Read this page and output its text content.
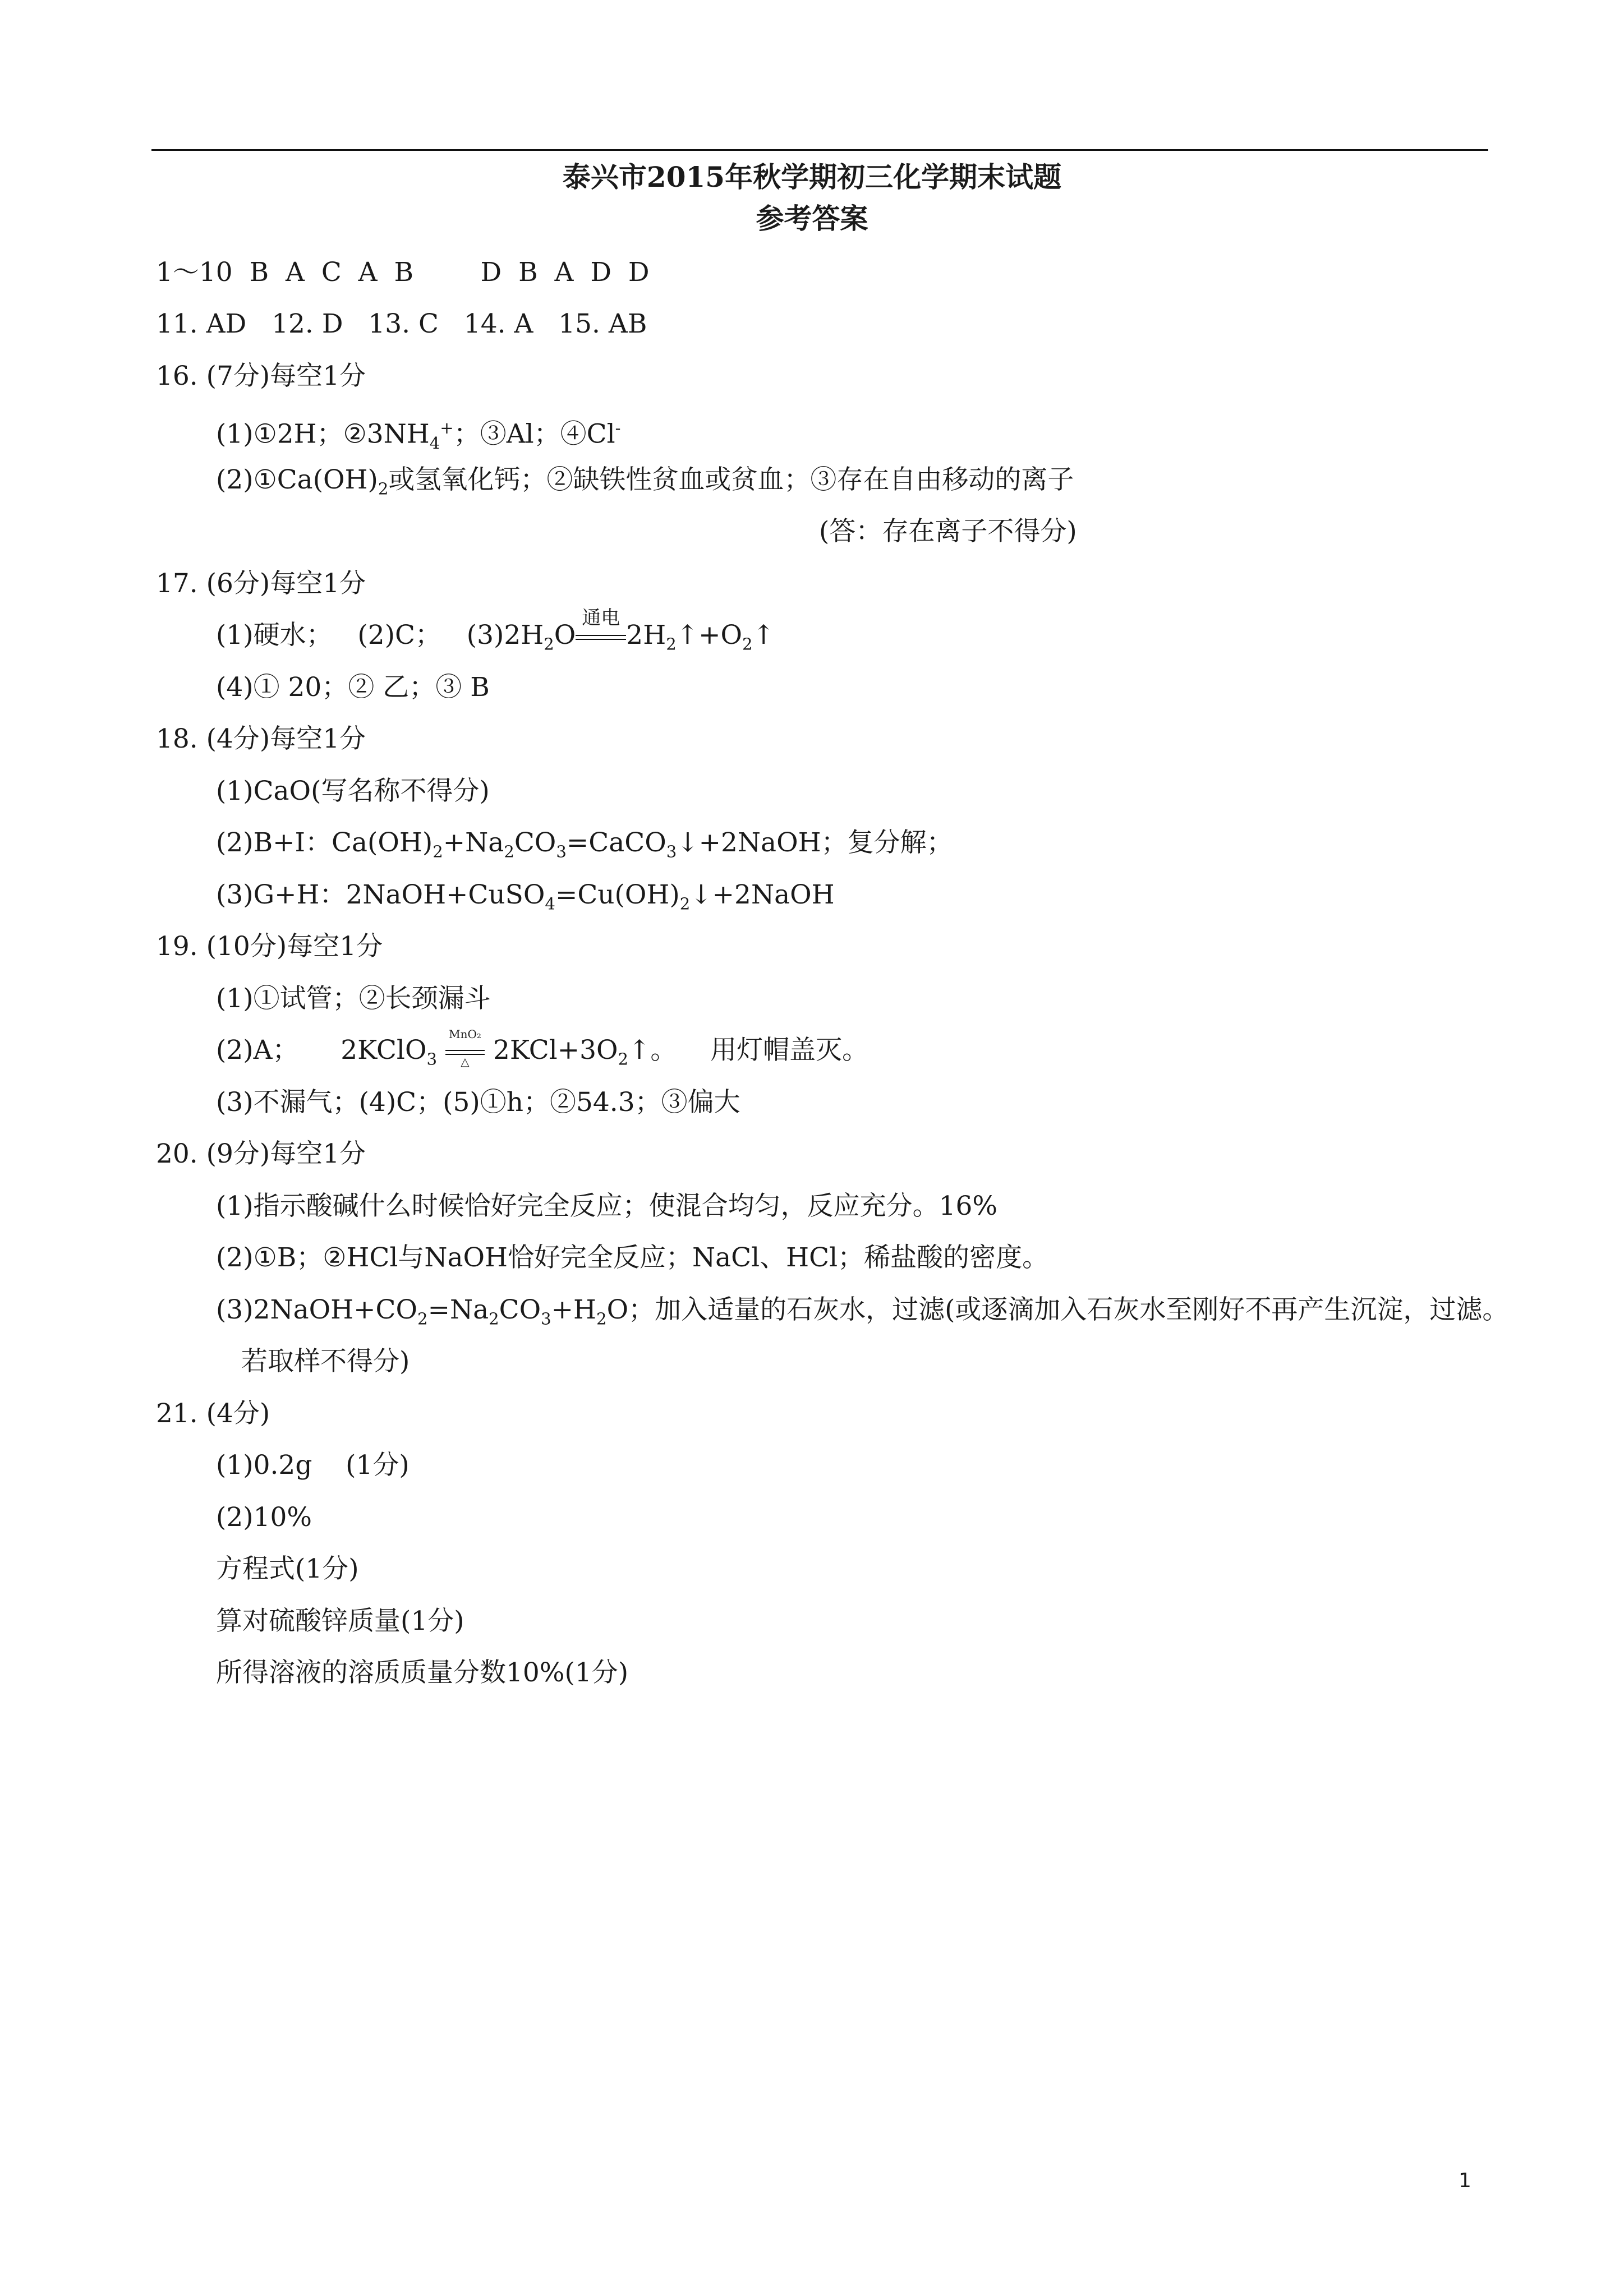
泰兴市2015年秋学期初三化学期末试题
参考答案
1～10  B  A  C  A  B        D  B  A  D  D
11. AD   12. D   13. C   14. A   15. AB
16. (7分)每空1分
(1)①2H；$②3NH_4^+$；③Al；④Cl-
$(2)①Ca(OH)_2$或氢氧化钙；②缺铁性贫血或贫血；③存在自由移动的离子
(答：存在离子不得分)
17. (6分)每空1分
(1)硬水；   (2)C；   $(3)2H_2O$
通电
$2H_2↑+O_2↑$
(4)① 20；② 乙；③ B
18. (4分)每空1分
(1)CaO(写名称不得分)
(2)B+I：$Ca(OH)_2+Na_2CO_3=CaCO_3↓+2NaOH$；复分解；
(3)G+H：$2NaOH+CuSO_4=Cu(OH)_2↓+2NaOH$
19. (10分)每空1分
(1)①试管；②长颈漏斗
(2)A；     2KClO$_3$
MnO₂
△ $2KCl+3O_2↑$。    用灯帽盖灭。
(3)不漏气；(4)C；(5)①h；②54.3；③偏大
20. (9分)每空1分
(1)指示酸碱什么时候恰好完全反应；使混合均匀，反应充分。16%
(2)①B；②HCl与NaOH恰好完全反应；NaCl、HCl；稀盐酸的密度。
$(3)2NaOH+CO_2=Na_2CO_3+H_2O$；加入适量的石灰水，过滤(或逐滴加入石灰水至刚好不再产生沉淀，过滤。
若取样不得分)
21. (4分)
(1)0.2g    (1分)
(2)10%
方程式(1分)
算对硫酸锌质量(1分)
所得溶液的溶质质量分数10%(1分)
1
